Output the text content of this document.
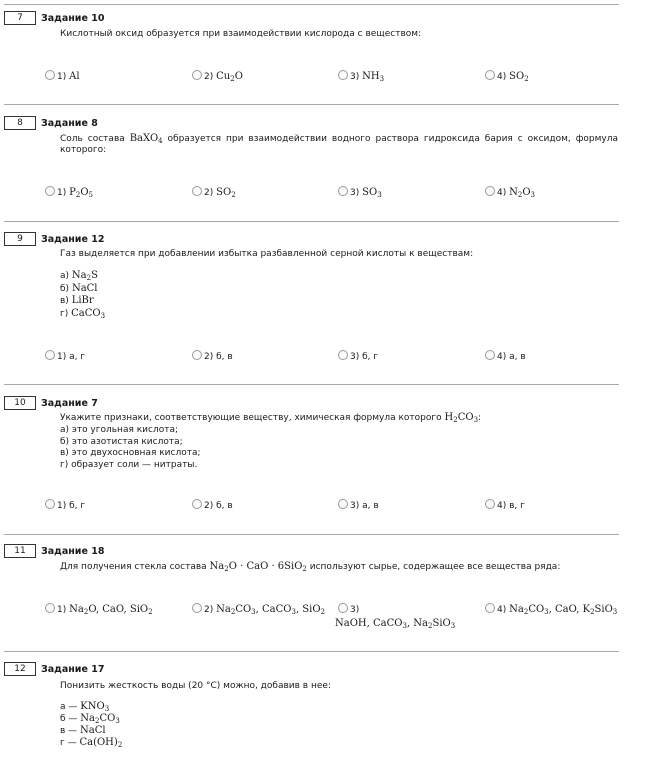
7	Задание 10
Кислотный оксид образуется при взаимодействии кислорода с веществом:
1) Al	2) $Cu_2O$	3) $NH_3$	4) $SO_2$
8	Задание 8
Соль состава BaXO$_4$ образуется при взаимодействии водного раствора гидроксида бария с оксидом, формула которого:
1) $P_2O_5$	2) $SO_2$	3) $SO_3$	4) $N_2O_3$
9	Задание 12
Газ выделяется при добавлении избытка разбавленной серной кислоты к веществам:
а) $Na_2S$
б) NaCl
в) LiBr
г) CaCO$_3$
1) а, г	2) б, в	3) б, г	4) а, в
10	Задание 7
Укажите признаки, соответствующие веществу, химическая формула которого $H_2CO_3$:
а) это угольная кислота;
б) это азотистая кислота;
в) это двухосновная кислота;
г) образует соли — нитраты.
1) б, г	2) б, в	3) а, в	4) в, г
11	Задание 18
Для получения стекла состава $Na_2O$ · CaO · 6SiO$_2$ используют сырье, содержащее все вещества ряда:
1) $Na_2O$, CaO, SiO$_2$	2) $Na_2CO_3$, CaCO$_3$, SiO$_2$	3)
NaOH, CaCO$_3$, $Na_2SiO_3$
4) $Na_2CO_3$, CaO, $K_2SiO_3$
12	Задание 17
Понизить жесткость воды (20 °С) можно, добавив в нее:
а — $KNO_3$
б — $Na_2CO_3$
в — NaCl
г — $Ca(OH)_2$
